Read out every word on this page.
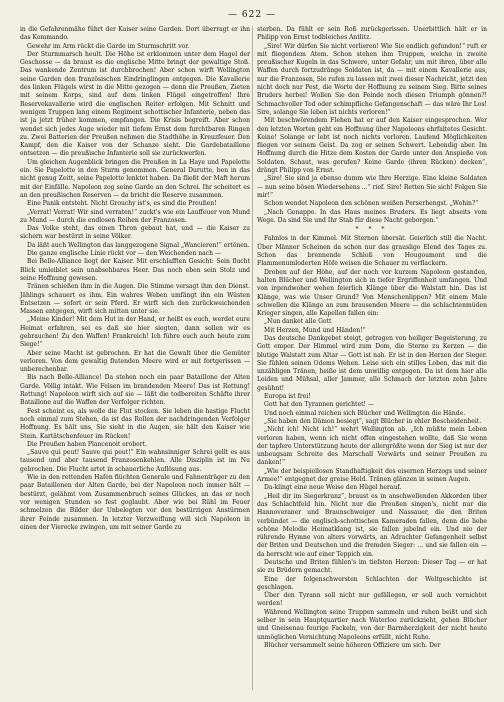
— 622 —

in die Gefahrenmähe führt der Kaiser seine Garden. Dort überragt er ihn das Kommando.

Gewehr im Arm rückt die Garde im Sturmschritt vor.

Der Sturmmarsch heult. Die Höhe ist erklommen unter dem Hagel der Geschosse — da braust es die englische Mitte bringt der gewaltige Stoß. Das wankende Zentrum ist durchbrochen! Aber schon wirft Wellington seine Garden den französischen Eindringlingen entgegen. Die Kavallerie des linken Flügels wirst in die Mitte gezogen — denn die Preußen, Zieten mit seinem Korps, sind auf dem linken Flügel eingetroffen! Ihre Reservekavallerie wird die englischen Reiter erfolgen. Mit Schnitt und wenigen Truppen lang einem Regiment schottischer Infanterie, neben das ist ja jetzt früher kommen, empfangen. Die Krisis begreift. Aber schon wendet sich jedes Auge wieder mit tiefem Ernst dem furchtbaren Ringen zu. Zwei Batterien der Preußen nehmen die Stadthöhe in Kreuzfeuer. Den Kampf, den die Kaiser von der Schanze sieht. Die Gardebataillone entsetzen — die preußische Infanterie soll sie zurückwerfen.

Um gleichen Augenblick bringen die Preußen in La Haye und Papelotte ein. Sie Papelotte in den Sturm genommen. General Durutte, ben in das nicht genug Zeitt, seine Papelotte lenktet haben. Da fließt der Maft herum mit der Einfälle. Napoleon zog seine Garde an den Schrei. Ihr scheitert es an den preußischen Reserven — da bricht die Reserve zusammen.

Eine Panik entsteht. Nicht Grouchy ist's, es sind die Preußen!

„Verrat! Verrat! Wir sind verraten!“ zuckt's wie ein Lauffeuer von Mund zu Mund — durch die endlosen Reihen der Franzosen.

Das Volke steht, das einen Thron gebaut hat, und — die Kaiser zu sichern war bestürzt in seine Völker.

Da läßt auch Wellington das langgezogene Signal „Wancieren!“ ertönen.

Die ganze englische Linie rückt vor — den Weichenden nach —

Bei Belle-Alliance liegt der Kaiser. Mit erschlafften Gesicht: Sein flucht Blick umleiblet sein unabsehbares Heer. Das noch eben sein Stolz und seine Hoffnung gewesen.

Tränen schießen ihm in die Augen. Die Stimme versagt ihm den Dienst. Jählings schauert es ihm. Ein wahres Weben umfängt ihn ein Wüsten Entsetzen — sofort er sein Pferd. Er wirft sich den zurückweichenden Massen entgegen, wirft sich mitten unter sie.

„Meine Kinder! Mit dem Hut in der Hand, er heißt es euch, werdet eure Heimat erfahren, sei es daß sie hier siegten, dann sollen wir es gebrauchen! Zu den Waffen! Frankreich! Ich führe euch auch heute zum Siege!“

Aber seine Macht ist gebrochen. Er hat die Gewalt über die Gemüter verloren. Von dem gewaltig flutenden Meere wird er mit fortgerissen — unberechenbar.

Bis nach Belle-Alliance! Da stehen noch ein paar Bataillone der Alten Garde. Völlig intakt. Wie Felsen im brandenden Meere! Das ist Rettung! Rettung! Napoleon wirft sich auf sie — läßt die todbereiten Schäfte ihrer Bataillone auf die Waffen der Verfolger richten.

Fest scheint es, als wolle die Flut stocken. Sie leben die hastige Flucht noch einmal zum Stehen, da ist das Rollen der nachdringenden Verfolger Hoffnung. Es hält uns, Sie sieht in die Augen, sie hält den Kaiser wie Stein. Kartätschenfeuer im Rücken!

Die Preußen haben Plancenoit erobert.

„Sauve qui peut! Sauve qui peut!“ Ein wahnsinniger Schrei gellt es aus tausend und aber tausend Franzosenkehlen. Alle Disziplin ist im Nu gebrochen. Die Flucht artet in schauerliche Auflösung aus.

Wie in den rettenden Hafen flüchten Generale und Fahnenträger zu den paar Bataillonen der Alten Garde, bei der Napoleon noch immer hält — bestürzt, gelähmt vom Zusammenbruch seines Glückes, an das er noch vor wenigen Stunden so fest geglaubt. Aber wie bei Rühl im Feuer schmelzen die Bilder der Unbelegten vor den bestürzigen Anstürmen ihrer Feinde zusammen. In letzter Verzweiflung will sich Napoleon in einen der Vierecke zwingen, um mit seiner Garde zu

sterben. Da fühlt er sein Roß zurückgerissen. Unerbittlich hält er in Philipp von Ernst todbleiches Antlitz.

„Sire! Wir dürfen Sie nicht verlieren! Wie Sie endlich gefunden!“ ruft er mit fliegendem Atem. Schon stehen ihm Truppen, welche in zweite preußischer Kugeln in das Schwere, unter Gefahr, um mit ihren, über alle Waffen durch fortzudränge Soldaten ist, da — mit einem Kavallerie aus, nur die Franzosen, Sie rufen zu lassen mit zwei dieser Nachricht, jetzt den nicht doch nur Pest, die Worte der Hoffnung zu seinem Sieg. Bitte seines Bruders herbei! Wollen Sie den Feinde noch diesen Triumph gönnen?! Schmachvoller Tod oder schimpfliche Gefangenschaft — das wäre Ihr Los! Sire, solange Sie leben ist nichts verloren!“

Mit beschwörendem Flehen hat er auf den Kaiser eingesprochen. Wer den letzten Worten geht ein Hoffnung über Napoleons ehrfaltetes Gesicht. Keine! Solange er lebt ist noch nichts verloren. Laufend Möglichkeiten fliegen vor seinem Geist. Da zog er seinen Schwert. Lebendig aber. Im Hoffnung durch die Hitze dem Kosten der Garde unter den Anspieße von Soldaten. Schaut, was gerufen? Keine Garde (ihren Rücken) decken“, drängt Philipp von Ernst.

„Sire! Sie sind ja ebenso dumm wie Ihre Herzige. Eine kleine Soldaten — nun seine bösen Wiedersehens ...“ rief. Sire! Retten Sie sich! Folgen Sie mir!“

Schon wendet Napoleon den schönen weißen Perserhengst. „Wohin?“

„Nach Genappe. In das Haus meines Bruders. Es liegt abseits vom Wege. Da sind Sie und Ihr Stab für diese Nacht geborgen.“

* * *

Fahnlos in der Kimmel. Mit Sternen übersät. Geierlich still die Nacht. Über Männer Scheinen da schon nur das grauslige Elend des Tages zu. Schon das brennende Schloß von Hougoumont und die Flammenumloderten Höfe weisen die Schauer zu verflackern.

Droben auf der Höhe, auf der noch vor kurzem Napoleon gestanden, halten Blücher und Wellington sich in tiefer Ergriffenheit umfangen. Und von irgendwoher wehen feierlich Klänge über die Walstatt hin. Das ist Klänge, was wie Unser Grund? Von Menschenlippen? Mit einem Male schwellen die Klänge an zum brausenden Meere — die schlachtenmüden Krieger singen, alle Kapellen fallen ein:

„Nun danket alle Gott

Mit Herzen, Mund und Händen!“

Das deutsche Dankgebet steigt, getragen von heiliger Begeisterung, zu Gott empor. Der Himmel wird zum Dom, die Sterne zu Kerzen — die blutige Walstatt zum Altar — Gott ist nah. Er ist in den Herzen der Sieger. Sie fühlen seinen Odems Wehen. Leise sich ein stilles Loben, das mit die unzähligen Tränen, heiße ist dem unwillig entgegen. Da ist dem hier alle Leiden und Mühsal, aller Jammer, alle Schmach der letzten zehn Jahre gesühnt!

Europa ist frei!

Gott hat den Tyrannen gerichtet! —

Und noch einmal reichen sich Blücher und Wellington die Hände.

„Sie haben den Dämon besiegt“, sagt Blücher in ehler Bescheidenheit.

„Nicht ich! Nicht ich!“ wehrt Wellington ab. „Ich müßte mein Leben verloren haben, wenn ich nicht offen eingestehen wollte, daß Sie wenn der tapfere Unterstützung heute der allergrößte wenn der Sieg ist nur der unbeugsam Schreite des Marschall Vorwärts und seiner Preußen zu danken!“

„Wie der beispiellosen Standhaftigkeit des eisernen Herzogs und seiner Armee!“ entgegnet der greise Held. Tränen glänzen in seinen Augen.

Da-klingt eine neue Weise den Hügel herauf.

„Heil dir im Siegerkranz“, braust es in anschwellenden Akkorden über das Schlachtfeld hin. Nicht nur die Preußen singen's, nicht nur die Hannoveraner und Braunschweiger und Nassauer, die den Briten verbündet — die englisch-schottischen Kameraden fallen, denn die liebe schöne Melodie Heimatklang ist, sie fallen jubelnd ein. Und nie der rührende Hymne von alters vorwärts, an Adrachter Gefangenheit selbst der Briten und Deutschen und die fremden Sieger: ... und sie fallen ein — da herrscht wie auf einer Teppich ein.

Deutsche und Briten fühlen's im tiefsten Herzen: Dieser Tag — er hat sie zu Brüdern gemacht.

Eine der folgenschwersten Schlachten der Weltgeschichte ist geschlagen.

Über den Tyrann soll nicht nur gefällegen, er soll auch vernichtet werden!

Während Wellington seine Truppen sammeln und ruhen beißt und sich selber in sein Hauptquartier nach Waterloo zurückzieht, geben Blücher und Gneisenau feurige Fackeln, von der Barmherzigkeit der nicht heute unmöglichen Vernichtung Napoleons erfüllt, nicht Ruhe.

Blücher versammelt seine höheren Offiziere um sich. Der
